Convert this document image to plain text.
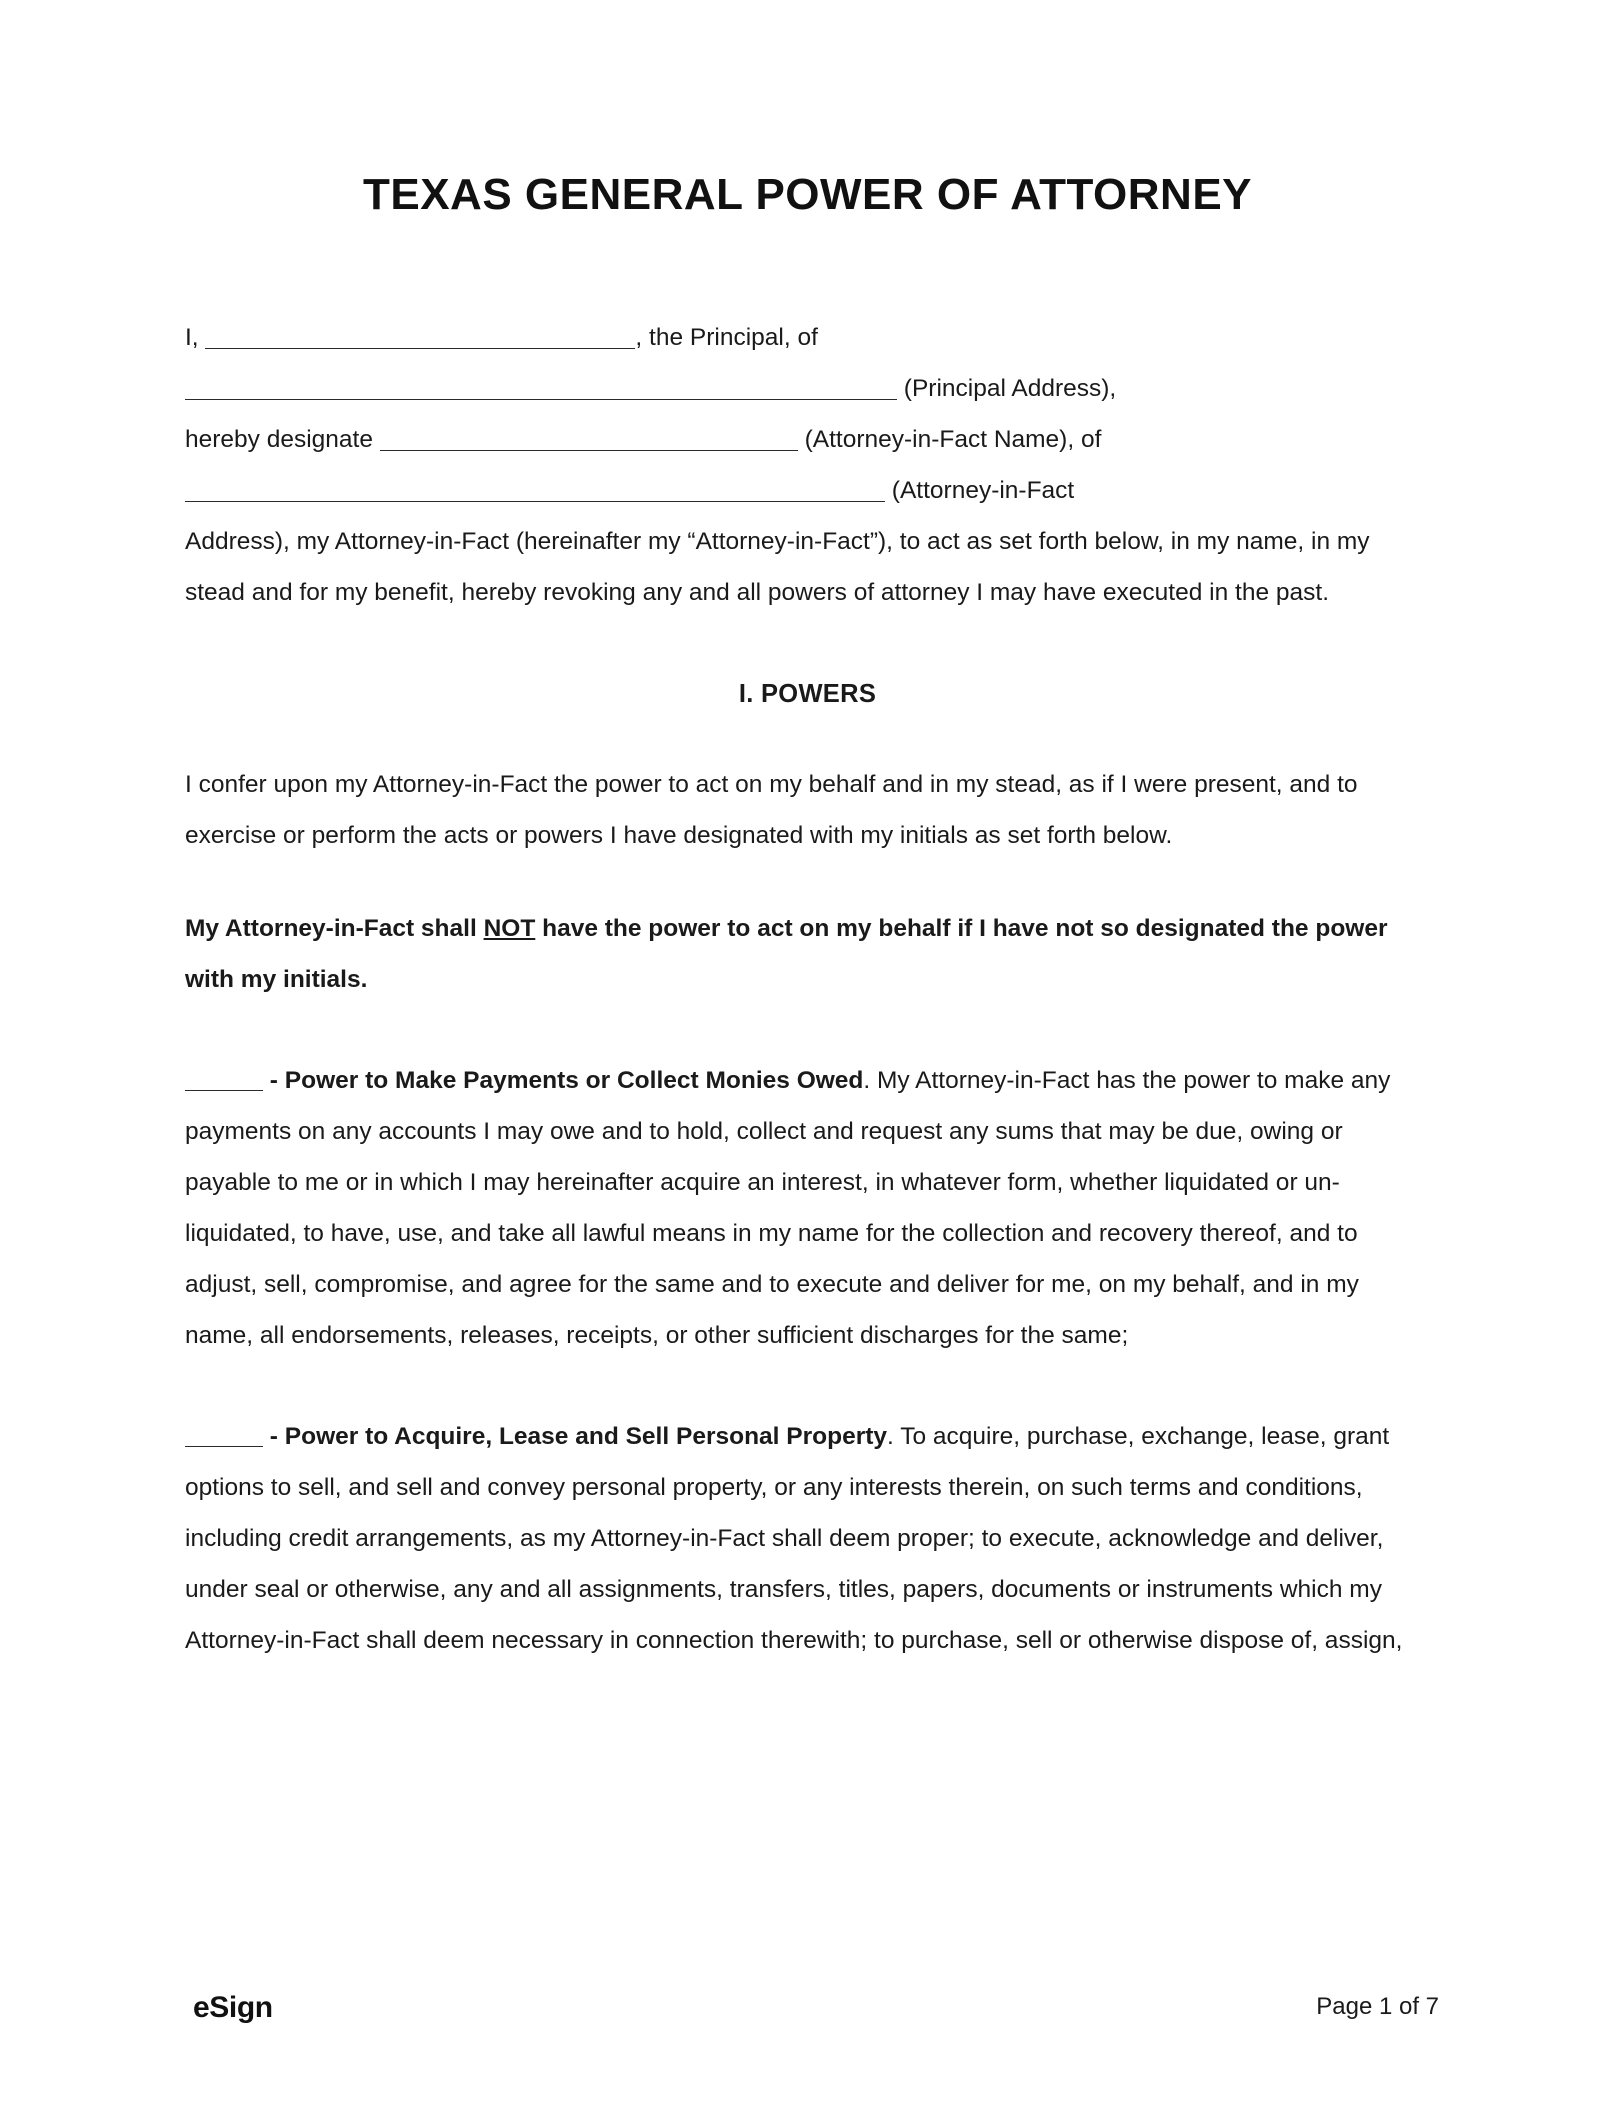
TEXAS GENERAL POWER OF ATTORNEY

I,	, the Principal, of

(Principal Address),

hereby designate	(Attorney-in-Fact Name), of

(Attorney-in-Fact

Address), my Attorney-in-Fact (hereinafter my “Attorney-in-Fact”), to act as set forth below, in my name, in my stead and for my benefit, hereby revoking any and all powers of attorney I may have executed in the past.

I. POWERS

I confer upon my Attorney-in-Fact the power to act on my behalf and in my stead, as if I were present, and to exercise or perform the acts or powers I have designated with my initials as set forth below.

My Attorney-in-Fact shall NOT have the power to act on my behalf if I have not so designated the power with my initials.

- Power to Make Payments or Collect Monies Owed. My Attorney-in-Fact has the power to make any payments on any accounts I may owe and to hold, collect and request any sums that may be due, owing or payable to me or in which I may hereinafter acquire an interest, in whatever form, whether liquidated or un-liquidated, to have, use, and take all lawful means in my name for the collection and recovery thereof, and to adjust, sell, compromise, and agree for the same and to execute and deliver for me, on my behalf, and in my name, all endorsements, releases, receipts, or other sufficient discharges for the same;

- Power to Acquire, Lease and Sell Personal Property. To acquire, purchase, exchange, lease, grant options to sell, and sell and convey personal property, or any interests therein, on such terms and conditions, including credit arrangements, as my Attorney-in-Fact shall deem proper; to execute, acknowledge and deliver, under seal or otherwise, any and all assignments, transfers, titles, papers, documents or instruments which my Attorney-in-Fact shall deem necessary in connection therewith; to purchase, sell or otherwise dispose of, assign,

eSign	Page 1 of 7
